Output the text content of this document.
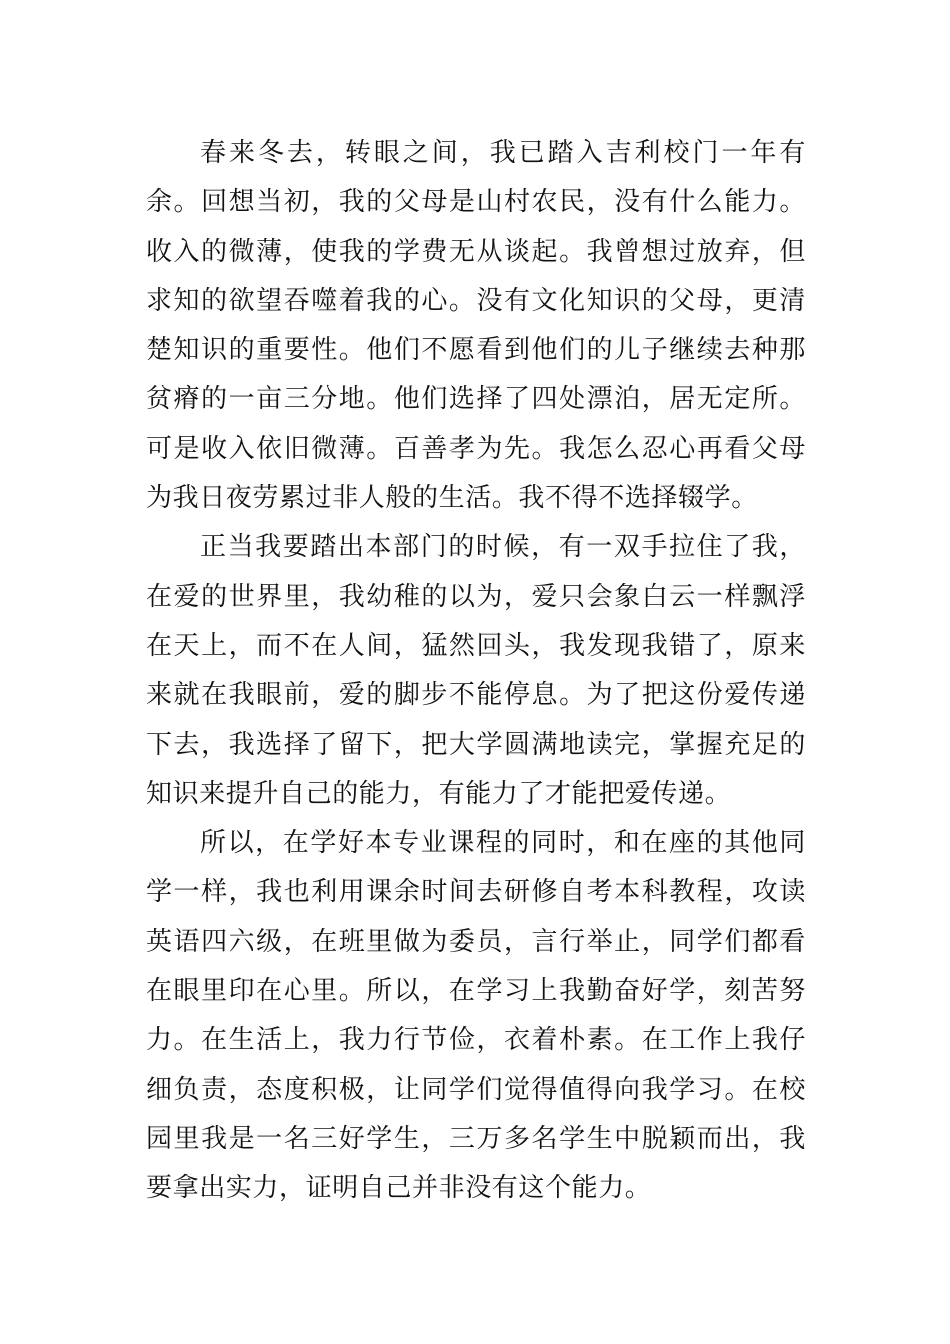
春来冬去，转眼之间，我已踏入吉利校门一年有余。回想当初，我的父母是山村农民，没有什么能力。收入的微薄，使我的学费无从谈起。我曾想过放弃，但求知的欲望吞噬着我的心。没有文化知识的父母，更清楚知识的重要性。他们不愿看到他们的儿子继续去种那贫瘠的一亩三分地。他们选择了四处漂泊，居无定所。可是收入依旧微薄。百善孝为先。我怎么忍心再看父母为我日夜劳累过非人般的生活。我不得不选择辍学。

正当我要踏出本部门的时候，有一双手拉住了我，在爱的世界里，我幼稚的以为，爱只会象白云一样飘浮在天上，而不在人间，猛然回头，我发现我错了，原来来就在我眼前，爱的脚步不能停息。为了把这份爱传递下去，我选择了留下，把大学圆满地读完，掌握充足的知识来提升自己的能力，有能力了才能把爱传递。

所以，在学好本专业课程的同时，和在座的其他同学一样，我也利用课余时间去研修自考本科教程，攻读英语四六级，在班里做为委员，言行举止，同学们都看在眼里印在心里。所以，在学习上我勤奋好学，刻苦努力。在生活上，我力行节俭，衣着朴素。在工作上我仔细负责，态度积极，让同学们觉得值得向我学习。在校园里我是一名三好学生，三万多名学生中脱颖而出，我要拿出实力，证明自己并非没有这个能力。
